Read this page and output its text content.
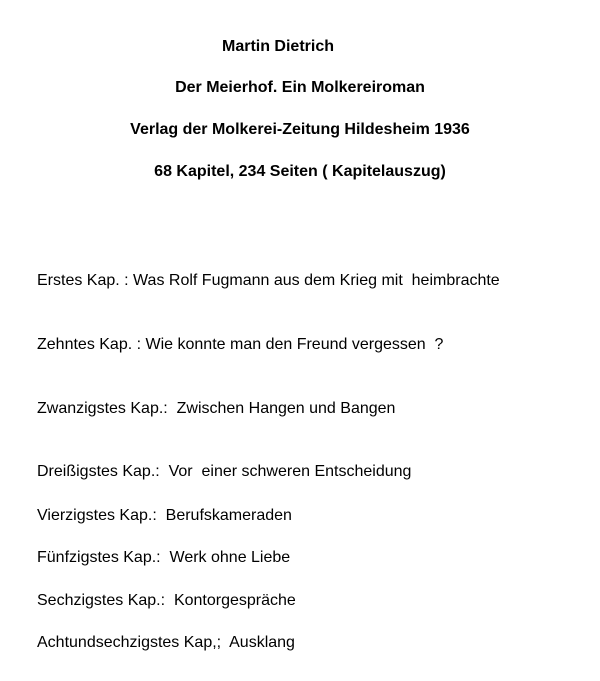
Martin Dietrich
Der Meierhof. Ein Molkereiroman
Verlag der Molkerei-Zeitung Hildesheim 1936
68 Kapitel, 234 Seiten ( Kapitelauszug)
Erstes Kap. : Was Rolf Fugmann aus dem Krieg mit  heimbrachte
Zehntes Kap. : Wie konnte man den Freund vergessen  ?
Zwanzigstes Kap.:  Zwischen Hangen und Bangen
Dreißigstes Kap.:  Vor  einer schweren Entscheidung
Vierzigstes Kap.:  Berufskameraden
Fünfzigstes Kap.:  Werk ohne Liebe
Sechzigstes Kap.:  Kontorgespräche
Achtundsechzigstes Kap,;  Ausklang
